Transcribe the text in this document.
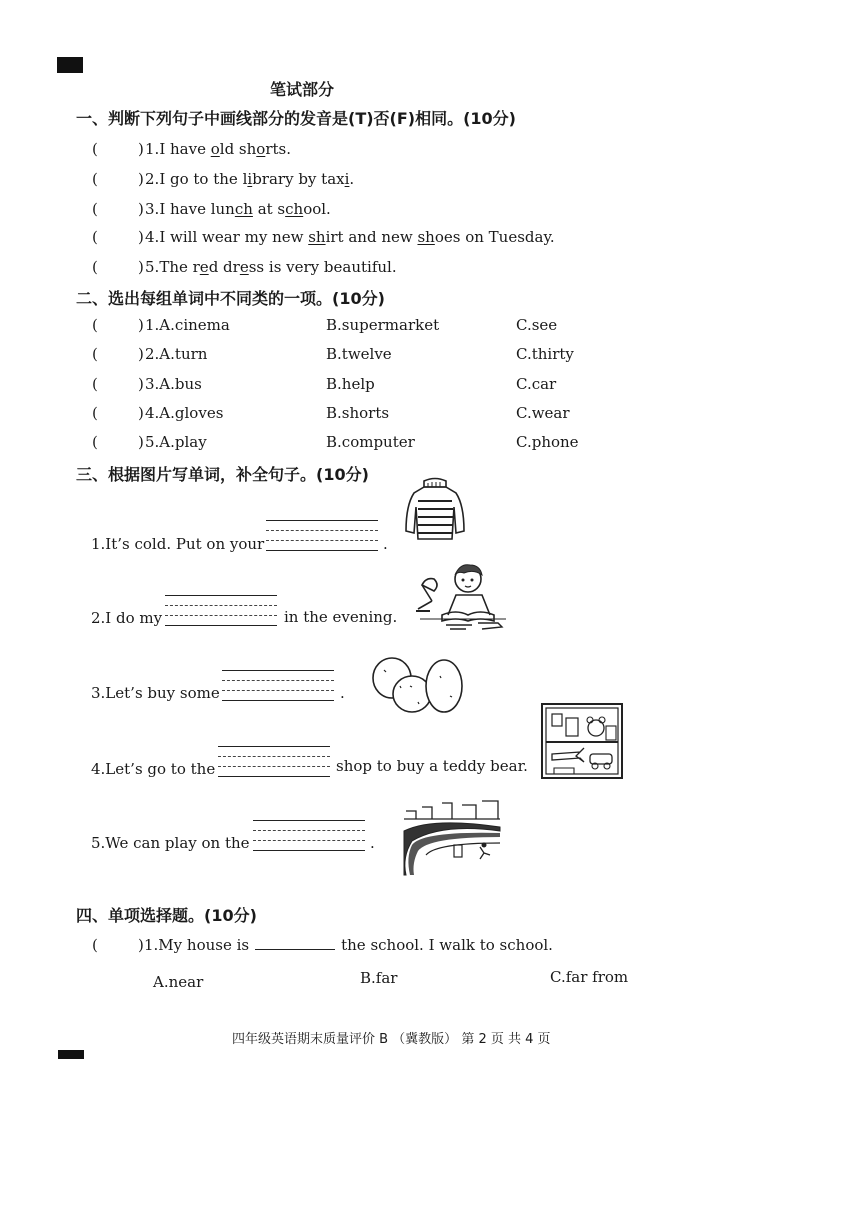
笔试部分
一、判断下列句子中画线部分的发音是(T)否(F)相同。(10分)
(	) 1.I have old shorts.
(	) 2.I go to the library by taxi.
(	) 3.I have lunch at school.
(	) 4.I will wear my new shirt and new shoes on Tuesday.
(	) 5.The red dress is very beautiful.
二、选出每组单词中不同类的一项。(10分)
(	) 1.A.cinema	B.supermarket	C.see
(	) 2.A.turn	B.twelve	C.thirty
(	) 3.A.bus	B.help	C.car
(	) 4.A.gloves	B.shorts	C.wear
(	) 5.A.play	B.computer	C.phone
三、根据图片写单词，补全句子。(10分)
1.It’s cold. Put on your	.
2.I do my	in the evening.
3.Let’s buy some	.
4.Let’s go to the	shop to buy a teddy bear.
5.We can play on the	.
四、单项选择题。(10分)
(	) 1.My house is	the school. I walk to school.
A.near	B.far	C.far from
四年级英语期末质量评价 B （冀教版） 第 2 页 共 4 页
